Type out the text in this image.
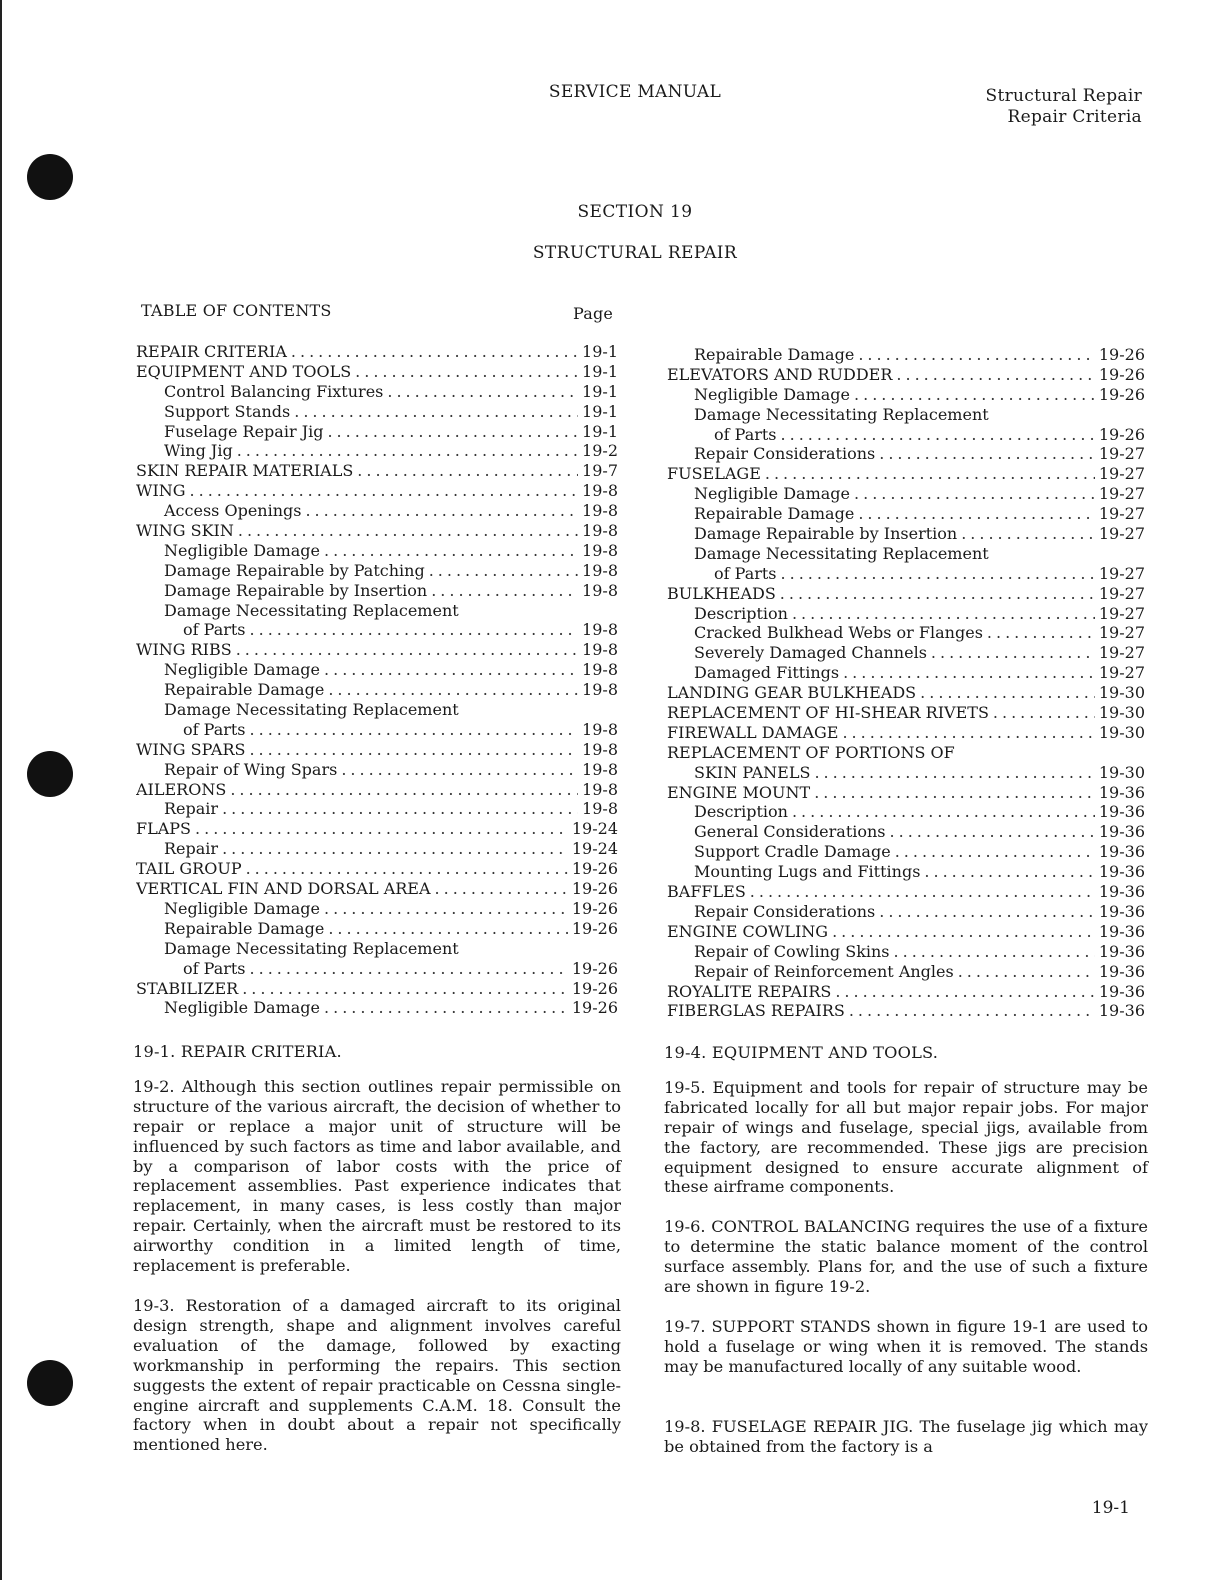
SERVICE MANUAL	Structural Repair
Repair Criteria
SECTION 19
STRUCTURAL REPAIR
TABLE OF CONTENTS	Page
REPAIR CRITERIA .....	19-1
EQUIPMENT AND TOOLS .....	19-1
Control Balancing Fixtures .....	19-1
Support Stands .....	19-1
Fuselage Repair Jig .....	19-1
Wing Jig .....	19-2
SKIN REPAIR MATERIALS .....	19-7
WING .....	19-8
Access Openings .....	19-8
WING SKIN .....	19-8
Negligible Damage .....	19-8
Damage Repairable by Patching .....	19-8
Damage Repairable by Insertion .....	19-8
Damage Necessitating Replacement
of Parts .....	19-8
WING RIBS .....	19-8
Negligible Damage .....	19-8
Repairable Damage .....	19-8
Damage Necessitating Replacement
of Parts .....	19-8
WING SPARS .....	19-8
Repair of Wing Spars .....	19-8
AILERONS .....	19-8
Repair .....	19-8
FLAPS .....	19-24
Repair .....	19-24
TAIL GROUP .....	19-26
VERTICAL FIN AND DORSAL AREA .....	19-26
Negligible Damage .....	19-26
Repairable Damage .....	19-26
Damage Necessitating Replacement
of Parts .....	19-26
STABILIZER .....	19-26
Negligible Damage .....	19-26
Repairable Damage .....	19-26
ELEVATORS AND RUDDER .....	19-26
Negligible Damage .....	19-26
Damage Necessitating Replacement
of Parts .....	19-26
Repair Considerations .....	19-27
FUSELAGE .....	19-27
Negligible Damage .....	19-27
Repairable Damage .....	19-27
Damage Repairable by Insertion .....	19-27
Damage Necessitating Replacement
of Parts .....	19-27
BULKHEADS .....	19-27
Description .....	19-27
Cracked Bulkhead Webs or Flanges .....	19-27
Severely Damaged Channels .....	19-27
Damaged Fittings .....	19-27
LANDING GEAR BULKHEADS .....	19-30
REPLACEMENT OF HI-SHEAR RIVETS .....	19-30
FIREWALL DAMAGE .....	19-30
REPLACEMENT OF PORTIONS OF
SKIN PANELS .....	19-30
ENGINE MOUNT .....	19-36
Description .....	19-36
General Considerations .....	19-36
Support Cradle Damage .....	19-36
Mounting Lugs and Fittings .....	19-36
BAFFLES .....	19-36
Repair Considerations .....	19-36
ENGINE COWLING .....	19-36
Repair of Cowling Skins .....	19-36
Repair of Reinforcement Angles .....	19-36
ROYALITE REPAIRS .....	19-36
FIBERGLAS REPAIRS .....	19-36
19-1. REPAIR CRITERIA.

19-2. Although this section outlines repair permissible on structure of the various aircraft, the decision of whether to repair or replace a major unit of structure will be influenced by such factors as time and labor available, and by a comparison of labor costs with the price of replacement assemblies. Past experience indicates that replacement, in many cases, is less costly than major repair. Certainly, when the aircraft must be restored to its airworthy condition in a limited length of time, replacement is preferable.

19-3. Restoration of a damaged aircraft to its original design strength, shape and alignment involves careful evaluation of the damage, followed by exacting workmanship in performing the repairs. This section suggests the extent of repair practicable on Cessna single-engine aircraft and supplements C.A.M. 18. Consult the factory when in doubt about a repair not specifically mentioned here.

19-4. EQUIPMENT AND TOOLS.

19-5. Equipment and tools for repair of structure may be fabricated locally for all but major repair jobs. For major repair of wings and fuselage, special jigs, available from the factory, are recommended. These jigs are precision equipment designed to ensure accurate alignment of these airframe components.

19-6. CONTROL BALANCING requires the use of a fixture to determine the static balance moment of the control surface assembly. Plans for, and the use of such a fixture are shown in figure 19-2.

19-7. SUPPORT STANDS shown in figure 19-1 are used to hold a fuselage or wing when it is removed. The stands may be manufactured locally of any suitable wood.

19-8. FUSELAGE REPAIR JIG. The fuselage jig which may be obtained from the factory is a

19-1
